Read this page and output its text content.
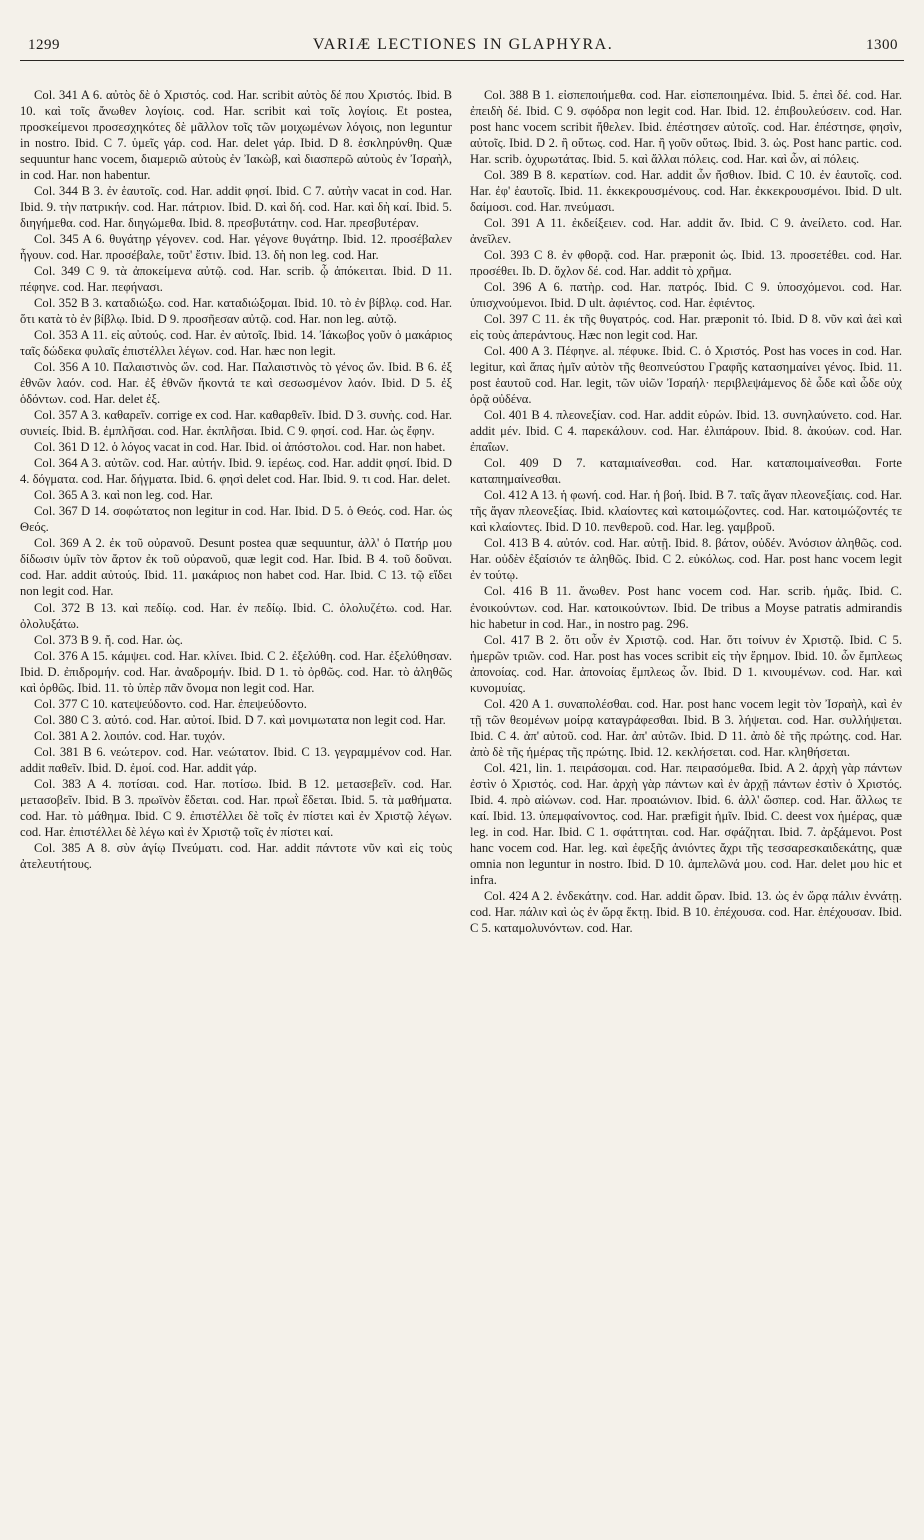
1299	VARIÆ LECTIONES IN GLAPHYRA.	1300

Col. 341 A 6. αὐτὸς δὲ ὁ Χριστός. cod. Har. scribit αὐτὸς δέ που Χριστός. Ibid. B 10. καὶ τοῖς ἄνωθεν λογίοις. cod. Har. scribit καὶ τοῖς λογίοις. Et postea, προσκείμενοι προσεσχηκότες δὲ μᾶλλον τοῖς τῶν μοιχωμένων λόγοις, non leguntur in nostro. Ibid. C 7. ὑμεῖς γάρ. cod. Har. delet γάρ. Ibid. D 8. ἐσκληρύνθη. Quæ sequuntur hanc vocem, διαμεριῶ αὐτοὺς ἐν Ἰακὼβ, καὶ διασπερῶ αὐτοὺς ἐν Ἰσραὴλ, in cod. Har. non habentur.

Col. 344 B 3. ἐν ἑαυτοῖς. cod. Har. addit φησί. Ibid. C 7. αὐτὴν vacat in cod. Har. Ibid. 9. τὴν πατρικήν. cod. Har. πάτριον. Ibid. D. καὶ δή. cod. Har. καὶ δὴ καί. Ibid. 5. διηγήμεθα. cod. Har. διηγώμεθα. Ibid. 8. πρεσβυτάτην. cod. Har. πρεσβυτέραν.

Col. 345 A 6. θυγάτηρ γέγονεν. cod. Har. γέγονε θυγάτηρ. Ibid. 12. προσέβαλεν ἦγουν. cod. Har. προσέβαλε, τοῦτ' ἔστιν. Ibid. 13. δὴ non leg. cod. Har.

Col. 349 C 9. τὰ ἀποκείμενα αὐτῷ. cod. Har. scrib. ᾧ ἀπόκειται. Ibid. D 11. πέφηνε. cod. Har. πεφήνασι.

Col. 352 B 3. καταδιώξω. cod. Har. καταδιώξομαι. Ibid. 10. τὸ ἐν βίβλῳ. cod. Har. ὅτι κατὰ τὸ ἐν βίβλῳ. Ibid. D 9. προσῆεσαν αὐτῷ. cod. Har. non leg. αὐτῷ.

Col. 353 A 11. εἰς αὐτούς. cod. Har. ἐν αὐτοῖς. Ibid. 14. Ἰάκωβος γοῦν ὁ μακάριος ταῖς δώδεκα φυλαῖς ἐπιστέλλει λέγων. cod. Har. hæc non legit.

Col. 356 A 10. Παλαιστινὸς ὤν. cod. Har. Παλαιστινὸς τὸ γένος ὤν. Ibid. B 6. ἐξ ἐθνῶν λαόν. cod. Har. ἐξ ἐθνῶν ἥκοντά τε καὶ σεσωσμένον λαόν. Ibid. D 5. ἐξ ὁδόντων. cod. Har. delet ἐξ.

Col. 357 A 3. καθαρεῖν. corrige ex cod. Har. καθαρθεῖν. Ibid. D 3. συνὴς. cod. Har. συνιείς. Ibid. B. ἐμπλῆσαι. cod. Har. ἐκπλῆσαι. Ibid. C 9. φησί. cod. Har. ὡς ἔφην.

Col. 361 D 12. ὁ λόγος vacat in cod. Har. Ibid. οἱ ἀπόστολοι. cod. Har. non habet.

Col. 364 A 3. αὐτῶν. cod. Har. αὐτήν. Ibid. 9. ἱερέως. cod. Har. addit φησί. Ibid. D 4. δόγματα. cod. Har. δήγματα. Ibid. 6. φησὶ delet cod. Har. Ibid. 9. τι cod. Har. delet.

Col. 365 A 3. καὶ non leg. cod. Har.

Col. 367 D 14. σοφώτατος non legitur in cod. Har. Ibid. D 5. ὁ Θεός. cod. Har. ὡς Θεός.

Col. 369 A 2. ἐκ τοῦ οὐρανοῦ. Desunt postea quæ sequuntur, ἀλλ' ὁ Πατήρ μου δίδωσιν ὑμῖν τὸν ἄρτον ἐκ τοῦ οὐρανοῦ, quæ legit cod. Har. Ibid. B 4. τοῦ δοῦναι. cod. Har. addit αὐτούς. Ibid. 11. μακάριος non habet cod. Har. Ibid. C 13. τῷ εἴδει non legit cod. Har.

Col. 372 B 13. καὶ πεδίῳ. cod. Har. ἐν πεδίῳ. Ibid. C. ὀλολυζέτω. cod. Har. ὀλολυξάτω.

Col. 373 B 9. ἤ. cod. Har. ὡς.

Col. 376 A 15. κάμψει. cod. Har. κλίνει. Ibid. C 2. ἐξελύθη. cod. Har. ἐξελύθησαν. Ibid. D. ἐπιδρομήν. cod. Har. ἀναδρομήν. Ibid. D 1. τὸ ὀρθῶς. cod. Har. τὸ ἀληθῶς καὶ ὀρθῶς. Ibid. 11. τὸ ὑπὲρ πᾶν ὄνομα non legit cod. Har.

Col. 377 C 10. κατεψεύδοντο. cod. Har. ἐπεψεύδοντο.

Col. 380 C 3. αὐτό. cod. Har. αὐτοί. Ibid. D 7. καὶ μονιμωτατα non legit cod. Har.

Col. 381 A 2. λοιπόν. cod. Har. τυχόν.

Col. 381 B 6. νεώτερον. cod. Har. νεώτατον. Ibid. C 13. γεγραμμένον cod. Har. addit παθεῖν. Ibid. D. ἐμοί. cod. Har. addit γάρ.

Col. 383 A 4. ποτίσαι. cod. Har. ποτίσω. Ibid. B 12. μετασεβεῖν. cod. Har. μετασοβεῖν. Ibid. B 3. πρωϊνὸν ἔδεται. cod. Har. πρωῒ ἔδεται. Ibid. 5. τὰ μαθήματα. cod. Har. τὸ μάθημα. Ibid. C 9. ἐπιστέλλει δὲ τοῖς ἐν πίστει καὶ ἐν Χριστῷ λέγων. cod. Har. ἐπιστέλλει δὲ λέγω καὶ ἐν Χριστῷ τοῖς ἐν πίστει καί.

Col. 385 A 8. σὺν ἁγίῳ Πνεύματι. cod. Har. addit πάντοτε νῦν καὶ εἰς τοὺς ἀτελευτήτους.

Col. 388 B 1. εἰσπεποιήμεθα. cod. Har. εἰσπεποιημένα. Ibid. 5. ἐπεὶ δέ. cod. Har. ἐπειδὴ δέ. Ibid. C 9. σφόδρα non legit cod. Har. Ibid. 12. ἐπιβουλεύσειν. cod. Har. post hanc vocem scribit ἤθελεν. Ibid. ἐπέστησεν αὐτοῖς. cod. Har. ἐπέστησε, φησὶν, αὐτοῖς. Ibid. D 2. ἢ οὕτως. cod. Har. ἢ γοῦν οὕτως. Ibid. 3. ὡς. Post hanc partic. cod. Har. scrib. ὀχυρωτάτας. Ibid. 5. καὶ ἄλλαι πόλεις. cod. Har. καὶ ὧν, αἱ πόλεις.

Col. 389 B 8. κερατίων. cod. Har. addit ὧν ἤσθιον. Ibid. C 10. ἐν ἑαυτοῖς. cod. Har. ἐφ' ἑαυτοῖς. Ibid. 11. ἐκκεκρουσμένους. cod. Har. ἐκκεκρουσμένοι. Ibid. D ult. δαίμοσι. cod. Har. πνεύμασι.

Col. 391 A 11. ἐκδείξειεν. cod. Har. addit ἄν. Ibid. C 9. ἀνείλετο. cod. Har. ἀνεῖλεν.

Col. 393 C 8. ἐν φθορᾷ. cod. Har. præponit ὡς. Ibid. 13. προσετέθει. cod. Har. προσέθει. Ib. D. ὄχλον δέ. cod. Har. addit τὸ χρῆμα.

Col. 396 A 6. πατὴρ. cod. Har. πατρός. Ibid. C 9. ὑποσχόμενοι. cod. Har. ὑπισχνούμενοι. Ibid. D ult. ἀφιέντος. cod. Har. ἐφιέντος.

Col. 397 C 11. ἐκ τῆς θυγατρός. cod. Har. præponit τό. Ibid. D 8. νῦν καὶ ἀεὶ καὶ εἰς τοὺς ἀπεράντους. Hæc non legit cod. Har.

Col. 400 A 3. Πέφηνε. al. πέφυκε. Ibid. C. ὁ Χριστός. Post has voces in cod. Har. legitur, καὶ ἅπας ἡμῖν αὐτὸν τῆς θεοπνεύστου Γραφῆς κατασημαίνει γένος. Ibid. 11. post ἑαυτοῦ cod. Har. legit, τῶν υἱῶν Ἰσραήλ· περιβλεψάμενος δὲ ὧδε καὶ ὧδε οὐχ ὁρᾷ οὐδένα.

Col. 401 B 4. πλεονεξίαν. cod. Har. addit εὑρών. Ibid. 13. συνηλαύνετο. cod. Har. addit μέν. Ibid. C 4. παρεκάλουν. cod. Har. ἐλιπάρουν. Ibid. 8. ἀκούων. cod. Har. ἐπαΐων.

Col. 409 D 7. καταμιαίνεσθαι. cod. Har. καταποιμαίνεσθαι. Forte καταπημαίνεσθαι.

Col. 412 A 13. ἡ φωνή. cod. Har. ἡ βοή. Ibid. B 7. ταῖς ἄγαν πλεονεξίαις. cod. Har. τῆς ἄγαν πλεονεξίας. Ibid. κλαίοντες καὶ κατοιμώζοντες. cod. Har. κατοιμώζοντές τε καὶ κλαίοντες. Ibid. D 10. πενθεροῦ. cod. Har. leg. γαμβροῦ.

Col. 413 B 4. αὐτόν. cod. Har. αὐτῇ. Ibid. 8. βάτον, οὐδέν. Ἀνόσιον ἀληθῶς. cod. Har. οὐδὲν ἐξαίσιόν τε ἀληθῶς. Ibid. C 2. εὐκόλως. cod. Har. post hanc vocem legit ἐν τούτῳ.

Col. 416 B 11. ἄνωθεν. Post hanc vocem cod. Har. scrib. ἡμᾶς. Ibid. C. ἐνοικούντων. cod. Har. κατοικούντων. Ibid. De tribus a Moyse patratis admirandis hic habetur in cod. Har., in nostro pag. 296.

Col. 417 B 2. ὅτι οὖν ἐν Χριστῷ. cod. Har. ὅτι τοίνυν ἐν Χριστῷ. Ibid. C 5. ἡμερῶν τριῶν. cod. Har. post has voces scribit εἰς τὴν ἔρημον. Ibid. 10. ὧν ἔμπλεως ἀπονοίας. cod. Har. ἀπονοίας ἔμπλεως ὧν. Ibid. D 1. κινουμένων. cod. Har. καὶ κυνομυίας.

Col. 420 A 1. συναπολέσθαι. cod. Har. post hanc vocem legit τὸν Ἰσραὴλ, καὶ ἐν τῇ τῶν θεομένων μοίρᾳ καταγράφεσθαι. Ibid. B 3. λήψεται. cod. Har. συλλήψεται. Ibid. C 4. ἀπ' αὐτοῦ. cod. Har. ἀπ' αὐτῶν. Ibid. D 11. ἀπὸ δὲ τῆς πρώτης. cod. Har. ἀπὸ δὲ τῆς ἡμέρας τῆς πρώτης. Ibid. 12. κεκλήσεται. cod. Har. κληθήσεται.

Col. 421, lin. 1. πειράσομαι. cod. Har. πειρασόμεθα. Ibid. A 2. ἀρχὴ γὰρ πάντων ἐστὶν ὁ Χριστός. cod. Har. ἀρχὴ γὰρ πάντων καὶ ἐν ἀρχῇ πάντων ἐστὶν ὁ Χριστός. Ibid. 4. πρὸ αἰώνων. cod. Har. προαιώνιον. Ibid. 6. ἀλλ' ὥσπερ. cod. Har. ἄλλως τε καί. Ibid. 13. ὑπεμφαίνοντος. cod. Har. præfigit ἡμῖν. Ibid. C. deest vox ἡμέρας, quæ leg. in cod. Har. Ibid. C 1. σφάττηται. cod. Har. σφάζηται. Ibid. 7. ἀρξάμενοι. Post hanc vocem cod. Har. leg. καὶ ἐφεξῆς ἀνιόντες ἄχρι τῆς τεσσαρεσκαιδεκάτης, quæ omnia non leguntur in nostro. Ibid. D 10. ἀμπελῶνά μου. cod. Har. delet μου hic et infra.

Col. 424 A 2. ἐνδεκάτην. cod. Har. addit ὥραν. Ibid. 13. ὡς ἐν ὥρᾳ πάλιν ἐννάτῃ. cod. Har. πάλιν καὶ ὡς ἐν ὥρᾳ ἕκτῃ. Ibid. B 10. ἐπέχουσα. cod. Har. ἐπέχουσαν. Ibid. C 5. καταμολυνόντων. cod. Har.
